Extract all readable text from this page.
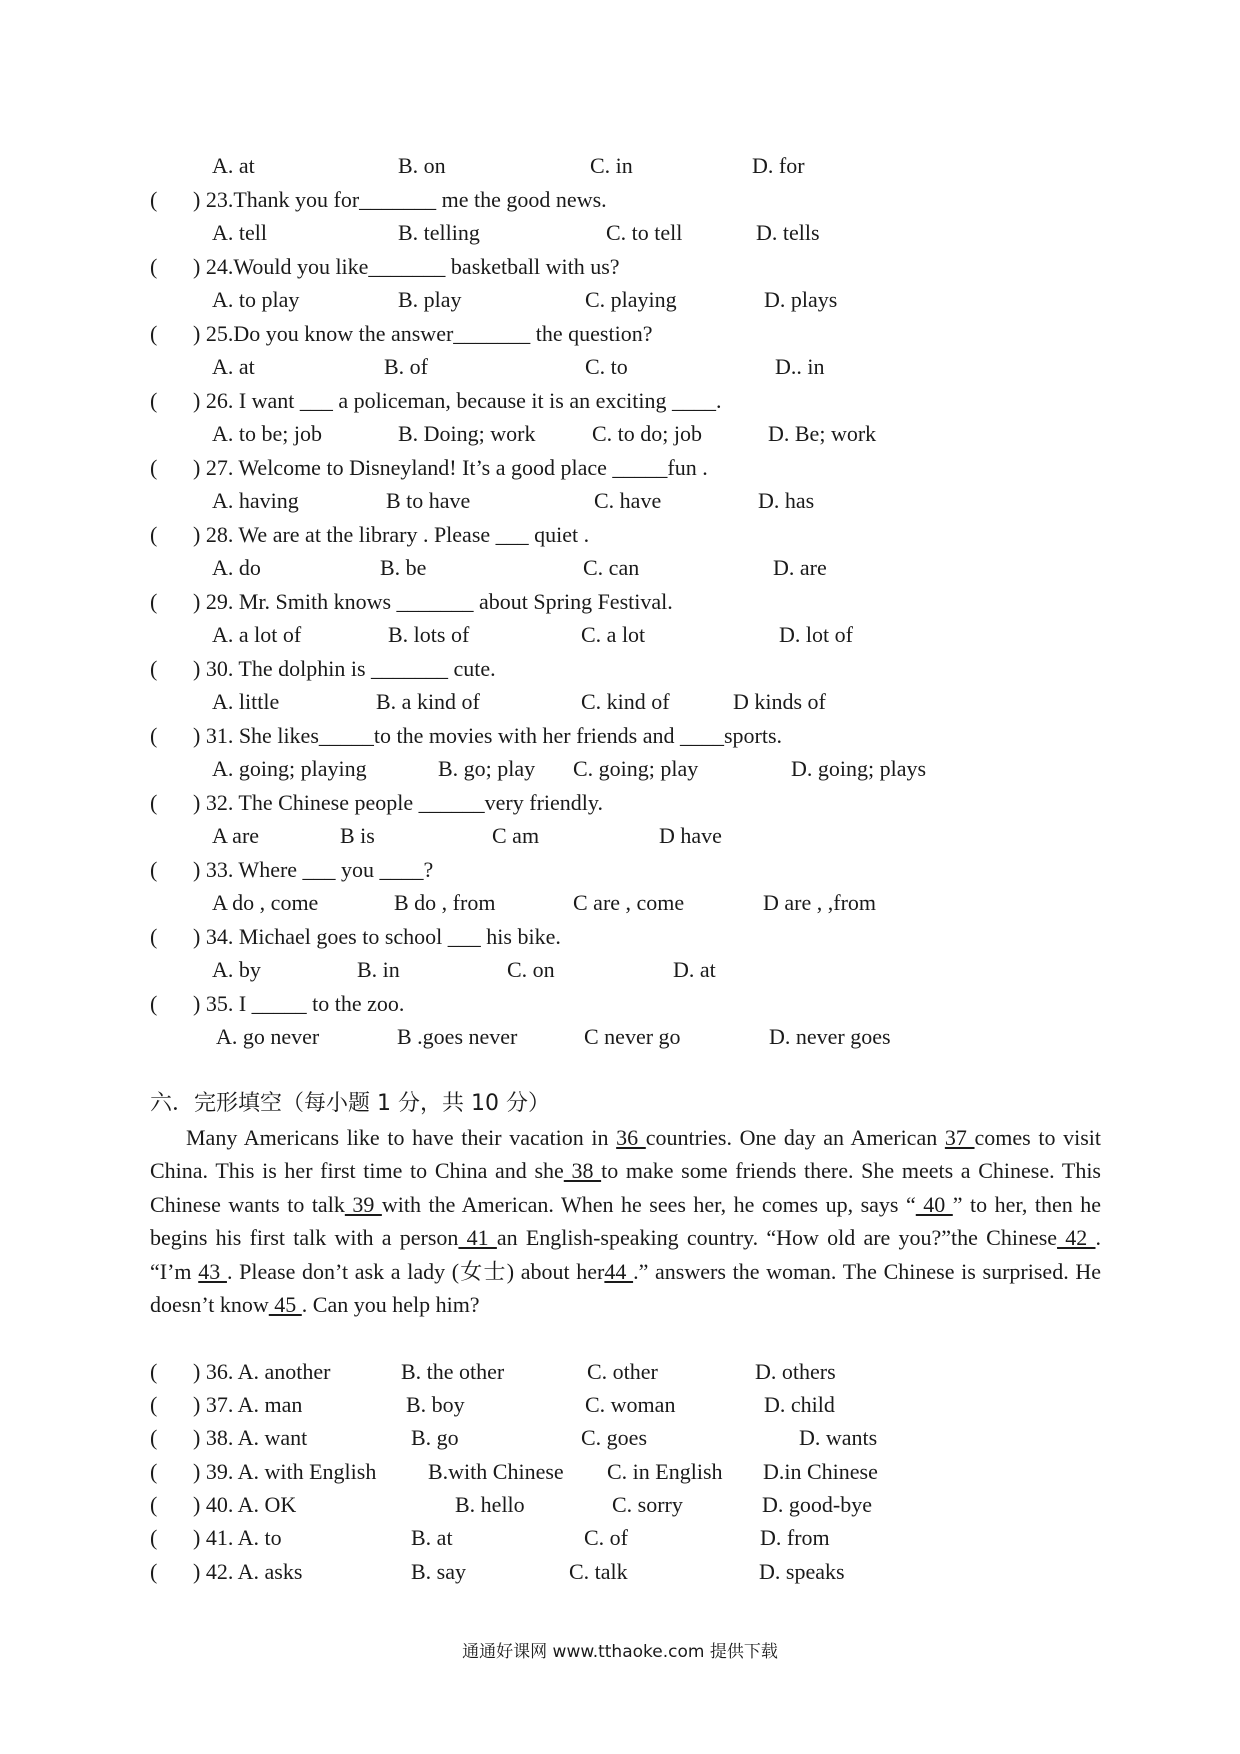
A. at	B. on	C. in	D. for
( ) 23.Thank you for_______ me the good news.
A. tell	B. telling	C. to tell	D. tells
( ) 24.Would you like_______ basketball with us?
A. to play	B. play	C. playing	D. plays
( ) 25.Do you know the answer_______ the question?
A. at	B. of	C. to	D.. in
( ) 26. I want ___ a policeman, because it is an exciting ____.
A. to be; job	B. Doing; work	C. to do; job	D. Be; work
( ) 27. Welcome to Disneyland! It’s a good place _____fun .
A. having	B to have	C. have	D. has
( ) 28. We are at the library . Please ___ quiet .
A. do	B. be	C. can	D. are
( ) 29. Mr. Smith knows _______ about Spring Festival.
A. a lot of	B. lots of	C. a lot	D. lot of
( ) 30. The dolphin is _______ cute.
A. little	B. a kind of	C. kind of	D kinds of
( ) 31. She likes_____to the movies with her friends and ____sports.
A. going; playing	B. go; play C. going; play	D. going; plays
( ) 32. The Chinese people ______very friendly.
A are	B is	C am	D have
( ) 33. Where ___ you ____?
A do , come	B do , from	C are , come	D are , ,from
( ) 34. Michael goes to school ___ his bike.
A. by	B. in	C. on	D. at
( ) 35. I _____ to the zoo.
A. go never	B .goes never	C never go	D. never goes
六．完形填空（每小题 1 分，共 10 分）

Many Americans like to have their vacation in 36 countries. One day an American 37 comes to visit China. This is her first time to China and she 38 to make some friends there. She meets a Chinese. This Chinese wants to talk 39 with the American. When he sees her, he comes up, says “ 40 ” to her, then he begins his first talk with a person 41 an English-speaking country. “How old are you?”the Chinese 42 . “I’m 43 . Please don’t ask a lady (女士) about her44 .” answers the woman. The Chinese is surprised. He doesn’t know 45 . Can you help him?

( ) 36. A. another	B. the other	C. other	D. others
( ) 37. A. man	B. boy	C. woman	D. child
( ) 38. A. want	B. go	C. goes	D. wants
( ) 39. A. with English B.with Chinese C. in English D.in Chinese
( ) 40. A. OK	B. hello	C. sorry	D. good-bye
( ) 41. A. to	B. at	C. of	D. from
( ) 42. A. asks	B. say	C. talk	D. speaks
通通好课网 www.tthaoke.com 提供下载
